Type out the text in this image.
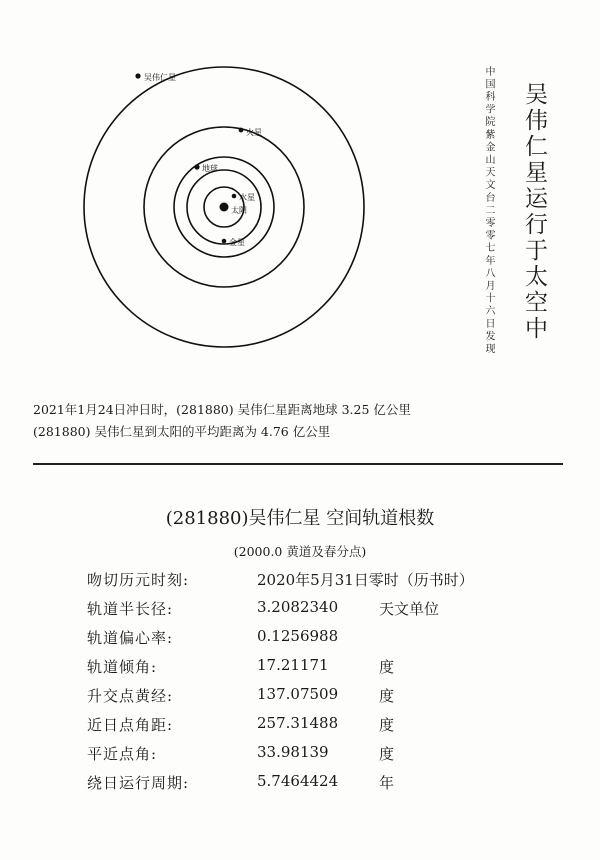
太阳
水星
金星
地球
火星
吴伟仁星
吴伟仁星运行于太空中
中国科学院紫金山天文台二零零七年八月十六日发现
2021年1月24日冲日时，(281880) 吴伟仁星距离地球 3.25 亿公里
(281880) 吴伟仁星到太阳的平均距离为 4.76 亿公里
(281880)吴伟仁星 空间轨道根数
(2000.0 黄道及春分点)
吻切历元时刻:	2020年5月31日零时（历书时）
轨道半长径:	3.2082340	天文单位
轨道偏心率:	0.1256988
轨道倾角:	17.21171	度
升交点黄经:	137.07509	度
近日点角距:	257.31488	度
平近点角:	33.98139	度
绕日运行周期:	5.7464424	年
